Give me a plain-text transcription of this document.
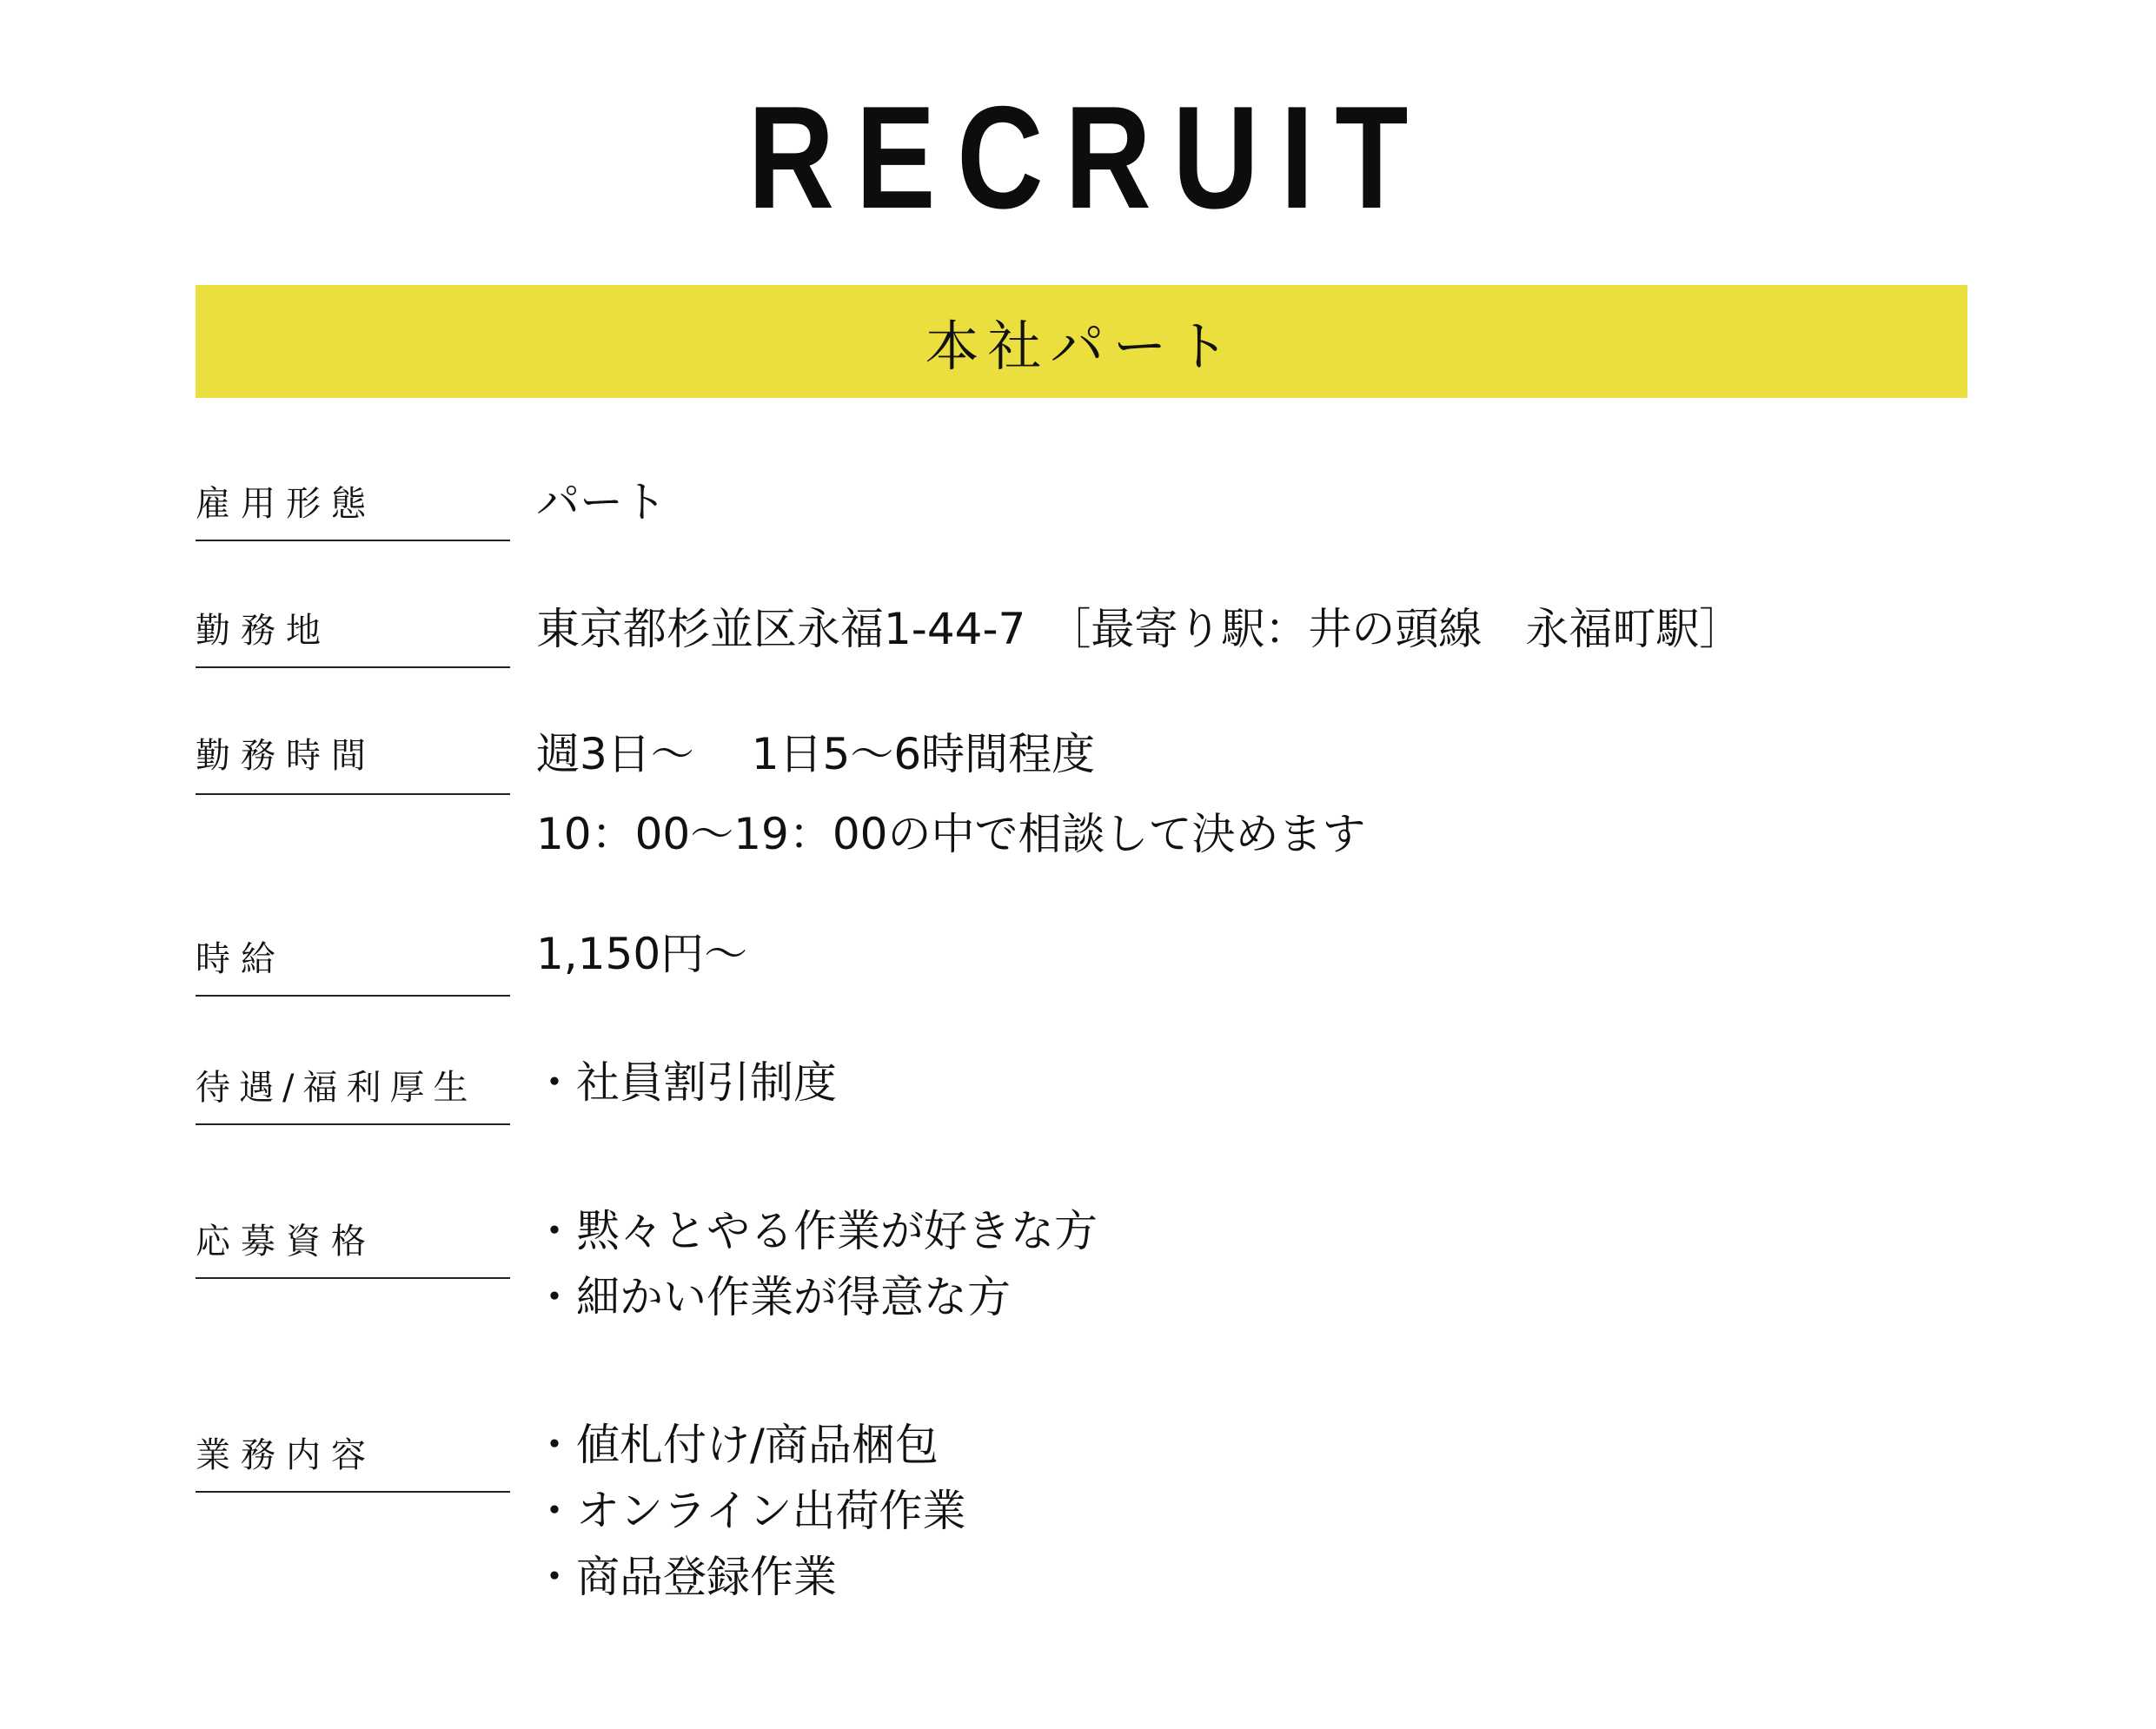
RECRUIT
本社パート
雇用形態	パート
勤務地	東京都杉並区永福1-44-7　［最寄り駅：井の頭線　永福町駅］
勤務時間	週3日～　 1日5～6時間程度
10：00～19：00の中で相談して決めます
時給	1,150円～
待遇/福利厚生	・社員割引制度
応募資格	・黙々とやる作業が好きな方
・細かい作業が得意な方
業務内容	・値札付け/商品梱包
・オンライン出荷作業
・商品登録作業
